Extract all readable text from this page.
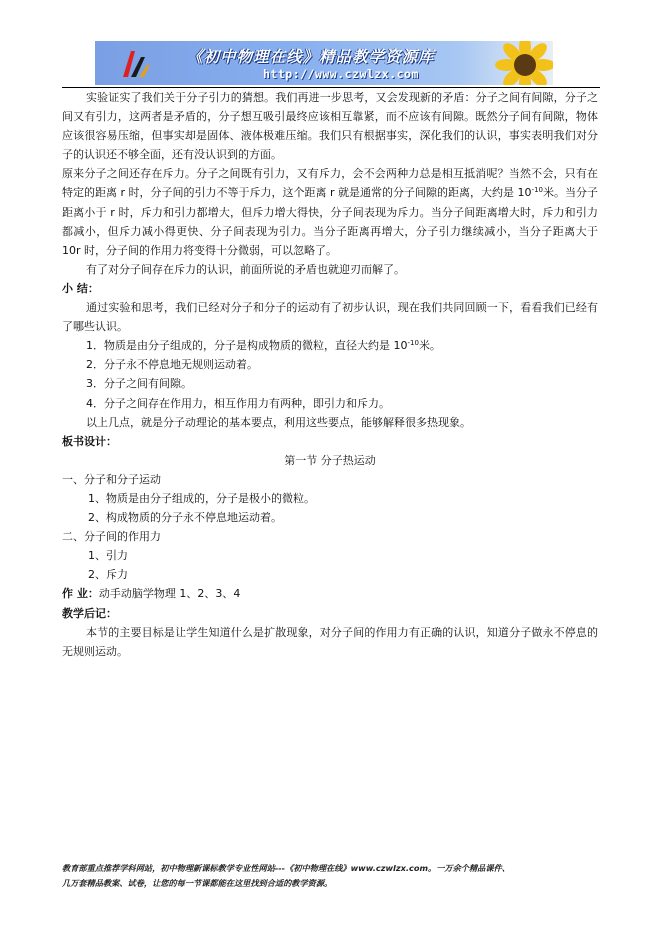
《初中物理在线》精品教学资源库
http://www.czwlzx.com

实验证实了我们关于分子引力的猜想。我们再进一步思考，又会发现新的矛盾：分子之间有间隙，分子之间又有引力，这两者是矛盾的，分子想互吸引最终应该相互靠紧，而不应该有间隙。既然分子间有间隙，物体应该很容易压缩，但事实却是固体、液体极难压缩。我们只有根据事实，深化我们的认识，事实表明我们对分子的认识还不够全面，还有没认识到的方面。

原来分子之间还存在斥力。分子之间既有引力，又有斥力，会不会两种力总是相互抵消呢？当然不会，只有在特定的距离 r 时，分子间的引力不等于斥力，这个距离 r 就是通常的分子间隙的距离，大约是 $10^{-10}$米。当分子距离小于 r 时，斥力和引力都增大，但斥力增大得快，分子间表现为斥力。当分子间距离增大时，斥力和引力都减小，但斥力减小得更快、分子间表现为引力。当分子距离再增大，分子引力继续减小，当分子距离大于 10r 时，分子间的作用力将变得十分微弱，可以忽略了。

有了对分子间存在斥力的认识，前面所说的矛盾也就迎刃而解了。

小 结：

通过实验和思考，我们已经对分子和分子的运动有了初步认识，现在我们共同回顾一下，看看我们已经有了哪些认识。

1．物质是由分子组成的，分子是构成物质的微粒，直径大约是 $10^{-10}$米。

2．分子永不停息地无规则运动着。

3．分子之间有间隙。

4．分子之间存在作用力，相互作用力有两种，即引力和斥力。

以上几点，就是分子动理论的基本要点，利用这些要点，能够解释很多热现象。

板书设计：

第一节 分子热运动

一、分子和分子运动

1、物质是由分子组成的，分子是极小的微粒。

2、构成物质的分子永不停息地运动着。

二、分子间的作用力

1、引力

2、斥力

作 业：动手动脑学物理 1、2、3、4

教学后记：

本节的主要目标是让学生知道什么是扩散现象，对分子间的作用力有正确的认识，知道分子做永不停息的无规则运动。

教育部重点推荐学科网站，初中物理新课标教学专业性网站---《初中物理在线》www.czwlzx.com。一万余个精品课件、
几万套精品教案、试卷，让您的每一节课都能在这里找到合适的教学资源。
